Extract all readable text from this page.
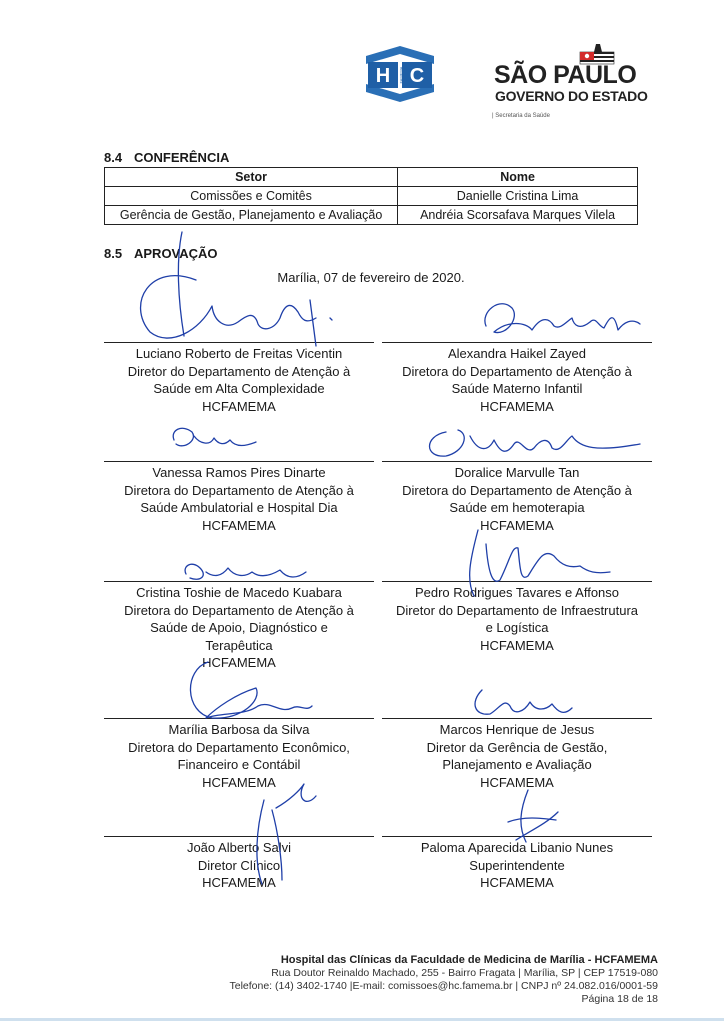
H C
FAMEMA	SÃO PAULO
GOVERNO DO ESTADO
| Secretaria da Saúde
8.4 CONFERÊNCIA
Setor	Nome
Comissões e Comitês	Danielle Cristina Lima
Gerência de Gestão, Planejamento e Avaliação	Andréia Scorsafava Marques Vilela
8.5 APROVAÇÃO
Marília, 07 de fevereiro de 2020.
Luciano Roberto de Freitas Vicentin
Diretor do Departamento de Atenção à
Saúde em Alta Complexidade
HCFAMEMA
Vanessa Ramos Pires Dinarte
Diretora do Departamento de Atenção à
Saúde Ambulatorial e Hospital Dia
HCFAMEMA
Cristina Toshie de Macedo Kuabara
Diretora do Departamento de Atenção à
Saúde de Apoio, Diagnóstico e
Terapêutica
HCFAMEMA
Marília Barbosa da Silva
Diretora do Departamento Econômico,
Financeiro e Contábil
HCFAMEMA
João Alberto Salvi
Diretor Clínico
HCFAMEMA
Alexandra Haikel Zayed
Diretora do Departamento de Atenção à
Saúde Materno Infantil
HCFAMEMA
Doralice Marvulle Tan
Diretora do Departamento de Atenção à
Saúde em hemoterapia
HCFAMEMA
Pedro Rodrigues Tavares e Affonso
Diretor do Departamento de Infraestrutura
e Logística
HCFAMEMA
Marcos Henrique de Jesus
Diretor da Gerência de Gestão,
Planejamento e Avaliação
HCFAMEMA
Paloma Aparecida Libanio Nunes
Superintendente
HCFAMEMA
Hospital das Clínicas da Faculdade de Medicina de Marília - HCFAMEMA
Rua Doutor Reinaldo Machado, 255 - Bairro Fragata | Marília, SP | CEP 17519-080
Telefone: (14) 3402-1740 |E-mail: comissoes@hc.famema.br | CNPJ nº 24.082.016/0001-59
Página 18 de 18
